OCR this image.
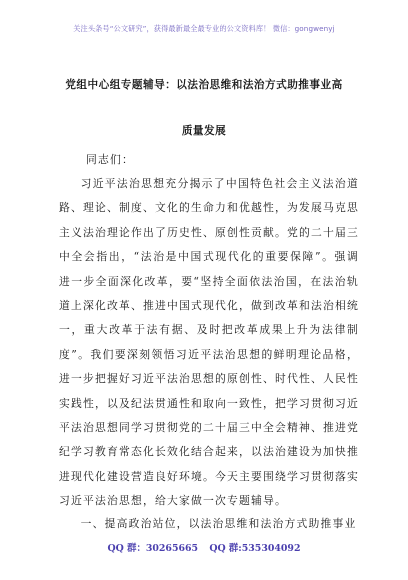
关注头条号“公文研究”，获得最新最全最专业的公文资料库！ 微信：gongwenyj
党组中心组专题辅导：以法治思维和法治方式助推事业高
质量发展
同志们：
习近平法治思想充分揭示了中国特色社会主义法治道路、理论、制度、文化的生命力和优越性，为发展马克思主义法治理论作出了历史性、原创性贡献。党的二十届三中全会指出，“法治是中国式现代化的重要保障”。强调进一步全面深化改革，要“坚持全面依法治国，在法治轨道上深化改革、推进中国式现代化，做到改革和法治相统一，重大改革于法有据、及时把改革成果上升为法律制度”。我们要深刻领悟习近平法治思想的鲜明理论品格，进一步把握好习近平法治思想的原创性、时代性、人民性实践性，以及纪法贯通性和取向一致性，把学习贯彻习近平法治思想同学习贯彻党的二十届三中全会精神、推进党纪学习教育常态化长效化结合起来，以法治建设为加快推进现代化建设营造良好环境。今天主要围绕学习贯彻落实习近平法治思想，给大家做一次专题辅导。
一、提高政治站位，以法治思维和法治方式助推事业
QQ 群：30265665 QQ 群:535304092
